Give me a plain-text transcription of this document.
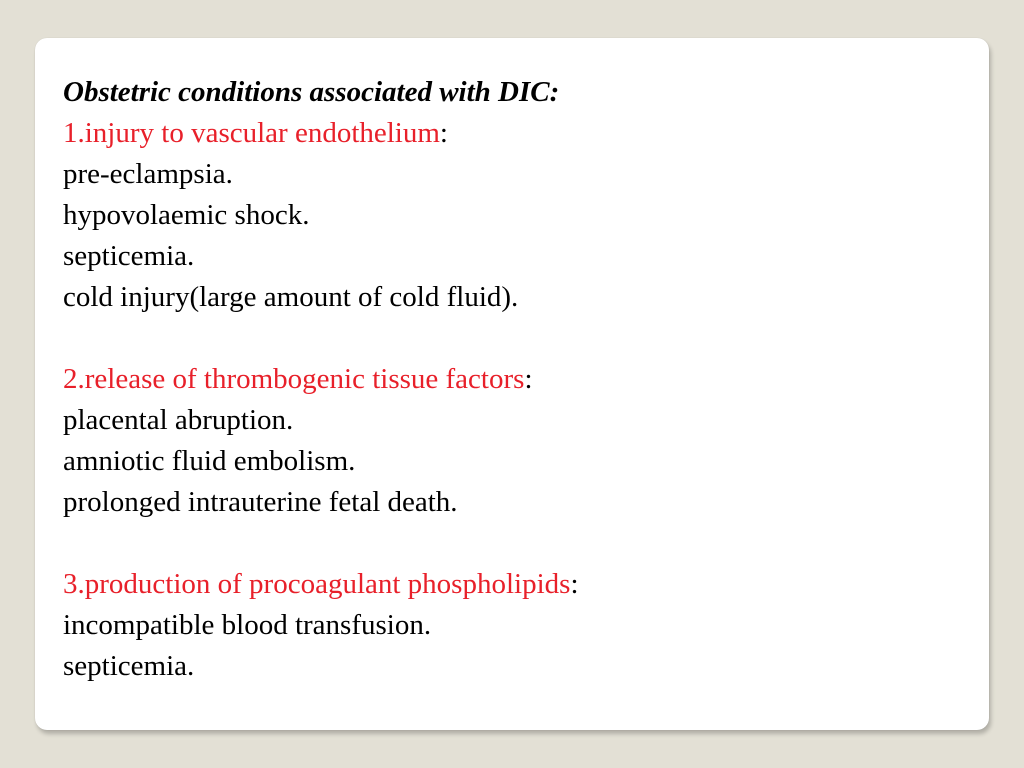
Obstetric conditions associated with DIC:
1.injury to vascular endothelium:
pre-eclampsia.
hypovolaemic shock.
septicemia.
cold injury(large amount of cold fluid).
2.release of thrombogenic tissue factors:
placental abruption.
amniotic fluid embolism.
prolonged intrauterine fetal death.
3.production of procoagulant phospholipids:
incompatible blood transfusion.
septicemia.
